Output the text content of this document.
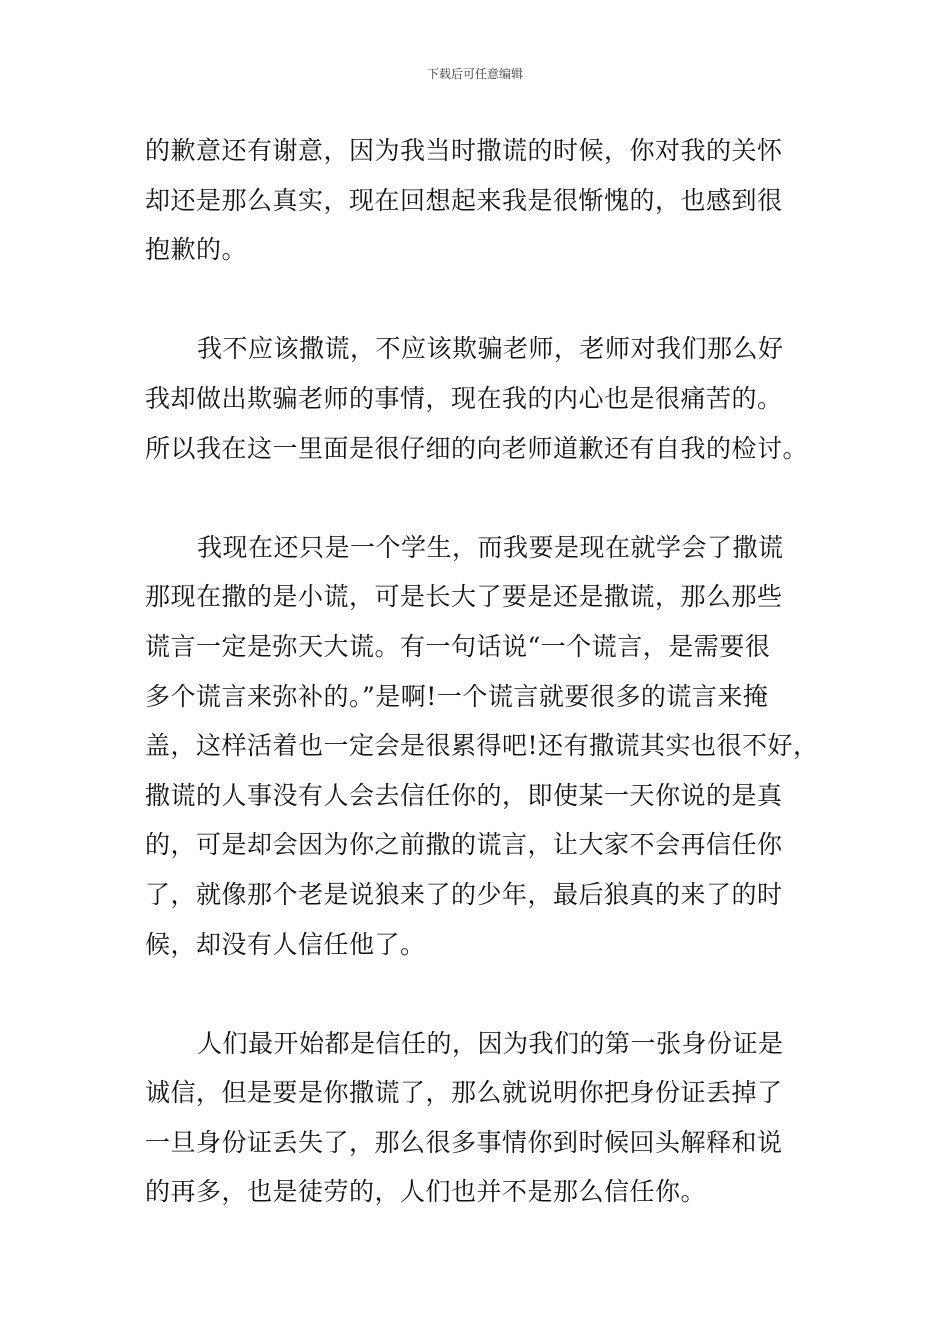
下载后可任意编辑

的歉意还有谢意，因为我当时撒谎的时候，你对我的关怀
却还是那么真实，现在回想起来我是很惭愧的，也感到很
抱歉的。

我不应该撒谎，不应该欺骗老师，老师对我们那么好
我却做出欺骗老师的事情，现在我的内心也是很痛苦的。
所以我在这一里面是很仔细的向老师道歉还有自我的检讨。

我现在还只是一个学生，而我要是现在就学会了撒谎
那现在撒的是小谎，可是长大了要是还是撒谎，那么那些
谎言一定是弥天大谎。有一句话说“一个谎言，是需要很
多个谎言来弥补的。”是啊!一个谎言就要很多的谎言来掩
盖，这样活着也一定会是很累得吧!还有撒谎其实也很不好，
撒谎的人事没有人会去信任你的，即使某一天你说的是真
的，可是却会因为你之前撒的谎言，让大家不会再信任你
了，就像那个老是说狼来了的少年，最后狼真的来了的时
候，却没有人信任他了。

人们最开始都是信任的，因为我们的第一张身份证是
诚信，但是要是你撒谎了，那么就说明你把身份证丢掉了
一旦身份证丢失了，那么很多事情你到时候回头解释和说
的再多，也是徒劳的，人们也并不是那么信任你。
